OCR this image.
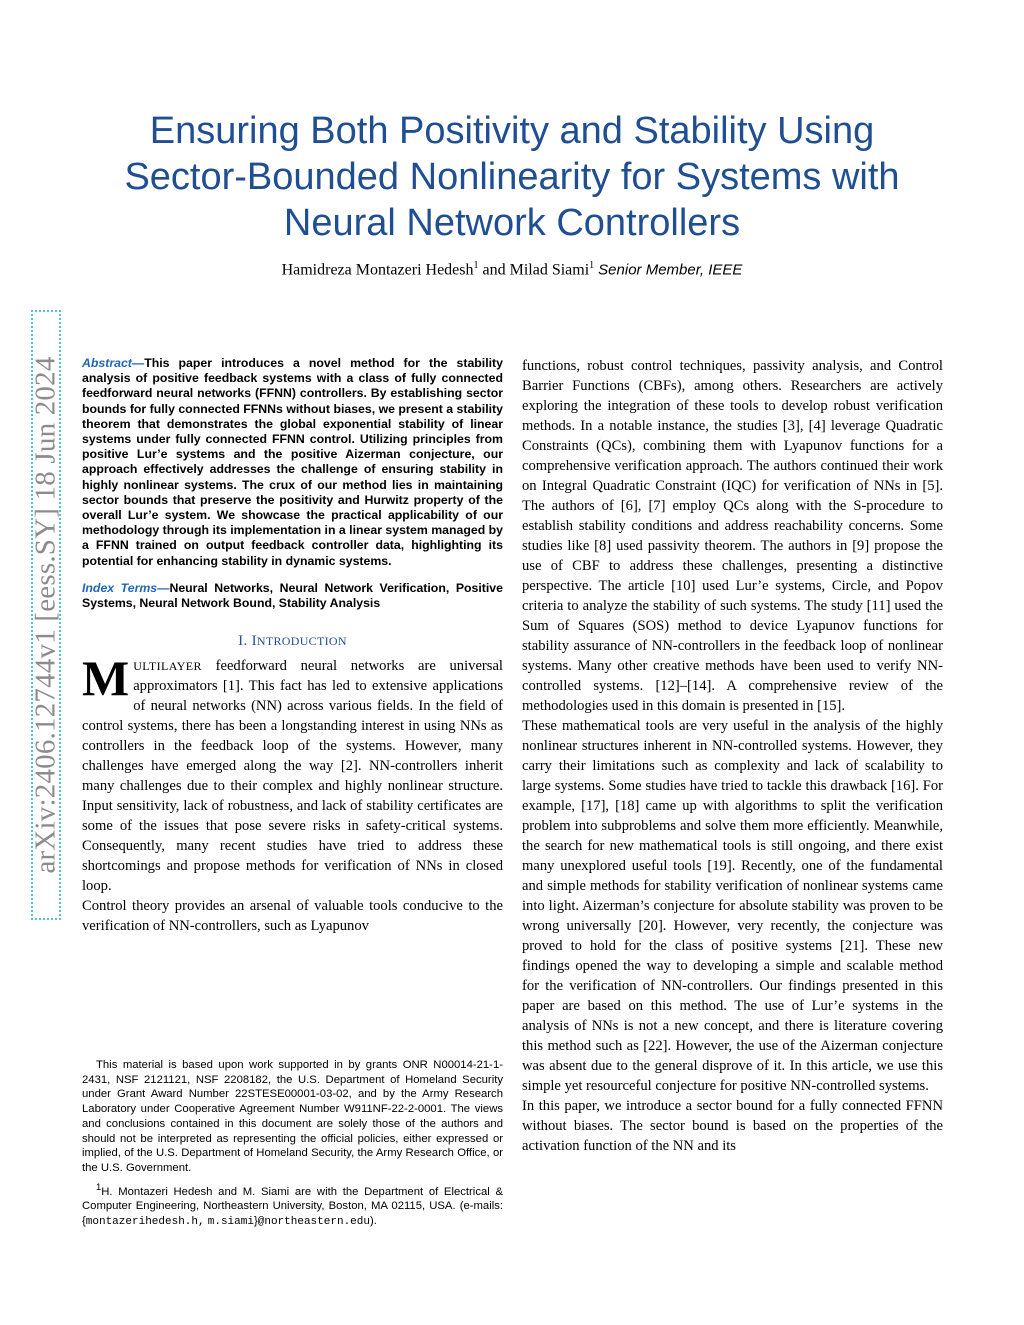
arXiv:2406.12744v1 [eess.SY] 18 Jun 2024
Ensuring Both Positivity and Stability Using
Sector-Bounded Nonlinearity for Systems with
Neural Network Controllers
Hamidreza Montazeri Hedesh$^1$ and Milad Siami$^1$ Senior Member, IEEE

Abstract—This paper introduces a novel method for the stability analysis of positive feedback systems with a class of fully connected feedforward neural networks (FFNN) controllers. By establishing sector bounds for fully connected FFNNs without biases, we present a stability theorem that demonstrates the global exponential stability of linear systems under fully connected FFNN control. Utilizing principles from positive Lur’e systems and the positive Aizerman conjecture, our approach effectively addresses the challenge of ensuring stability in highly nonlinear systems. The crux of our method lies in maintaining sector bounds that preserve the positivity and Hurwitz property of the overall Lur’e system. We showcase the practical applicability of our methodology through its implementation in a linear system managed by a FFNN trained on output feedback controller data, highlighting its potential for enhancing stability in dynamic systems.

Index Terms—Neural Networks, Neural Network Verification, Positive Systems, Neural Network Bound, Stability Analysis

I. INTRODUCTION
M ULTILAYER feedforward neural networks are universal approximators [1]. This fact has led to extensive applications of neural networks (NN) across various fields. In the field of control systems, there has been a longstanding interest in using NNs as controllers in the feedback loop of the systems. However, many challenges have emerged along the way [2]. NN-controllers inherit many challenges due to their complex and highly nonlinear structure. Input sensitivity, lack of robustness, and lack of stability certificates are some of the issues that pose severe risks in safety-critical systems. Consequently, many recent studies have tried to address these shortcomings and propose methods for verification of NNs in closed loop.

Control theory provides an arsenal of valuable tools conducive to the verification of NN-controllers, such as Lyapunov

This material is based upon work supported in by grants ONR N00014-21-1-2431, NSF 2121121, NSF 2208182, the U.S. Department of Homeland Security under Grant Award Number 22STESE00001-03-02, and by the Army Research Laboratory under Cooperative Agreement Number W911NF-22-2-0001. The views and conclusions contained in this document are solely those of the authors and should not be interpreted as representing the official policies, either expressed or implied, of the U.S. Department of Homeland Security, the Army Research Office, or the U.S. Government.

$^1$H. Montazeri Hedesh and M. Siami are with the Department of Electrical & Computer Engineering, Northeastern University, Boston, MA 02115, USA. (e-mails: {montazerihedesh.h, m.siami}@northeastern.edu).

functions, robust control techniques, passivity analysis, and Control Barrier Functions (CBFs), among others. Researchers are actively exploring the integration of these tools to develop robust verification methods. In a notable instance, the studies [3], [4] leverage Quadratic Constraints (QCs), combining them with Lyapunov functions for a comprehensive verification approach. The authors continued their work on Integral Quadratic Constraint (IQC) for verification of NNs in [5]. The authors of [6], [7] employ QCs along with the S-procedure to establish stability conditions and address reachability concerns. Some studies like [8] used passivity theorem. The authors in [9] propose the use of CBF to address these challenges, presenting a distinctive perspective. The article [10] used Lur’e systems, Circle, and Popov criteria to analyze the stability of such systems. The study [11] used the Sum of Squares (SOS) method to device Lyapunov functions for stability assurance of NN-controllers in the feedback loop of nonlinear systems. Many other creative methods have been used to verify NN-controlled systems. [12]–[14]. A comprehensive review of the methodologies used in this domain is presented in [15].

These mathematical tools are very useful in the analysis of the highly nonlinear structures inherent in NN-controlled systems. However, they carry their limitations such as complexity and lack of scalability to large systems. Some studies have tried to tackle this drawback [16]. For example, [17], [18] came up with algorithms to split the verification problem into subproblems and solve them more efficiently. Meanwhile, the search for new mathematical tools is still ongoing, and there exist many unexplored useful tools [19]. Recently, one of the fundamental and simple methods for stability verification of nonlinear systems came into light. Aizerman’s conjecture for absolute stability was proven to be wrong universally [20]. However, very recently, the conjecture was proved to hold for the class of positive systems [21]. These new findings opened the way to developing a simple and scalable method for the verification of NN-controllers. Our findings presented in this paper are based on this method. The use of Lur’e systems in the analysis of NNs is not a new concept, and there is literature covering this method such as [22]. However, the use of the Aizerman conjecture was absent due to the general disprove of it. In this article, we use this simple yet resourceful conjecture for positive NN-controlled systems.

In this paper, we introduce a sector bound for a fully connected FFNN without biases. The sector bound is based on the properties of the activation function of the NN and its
